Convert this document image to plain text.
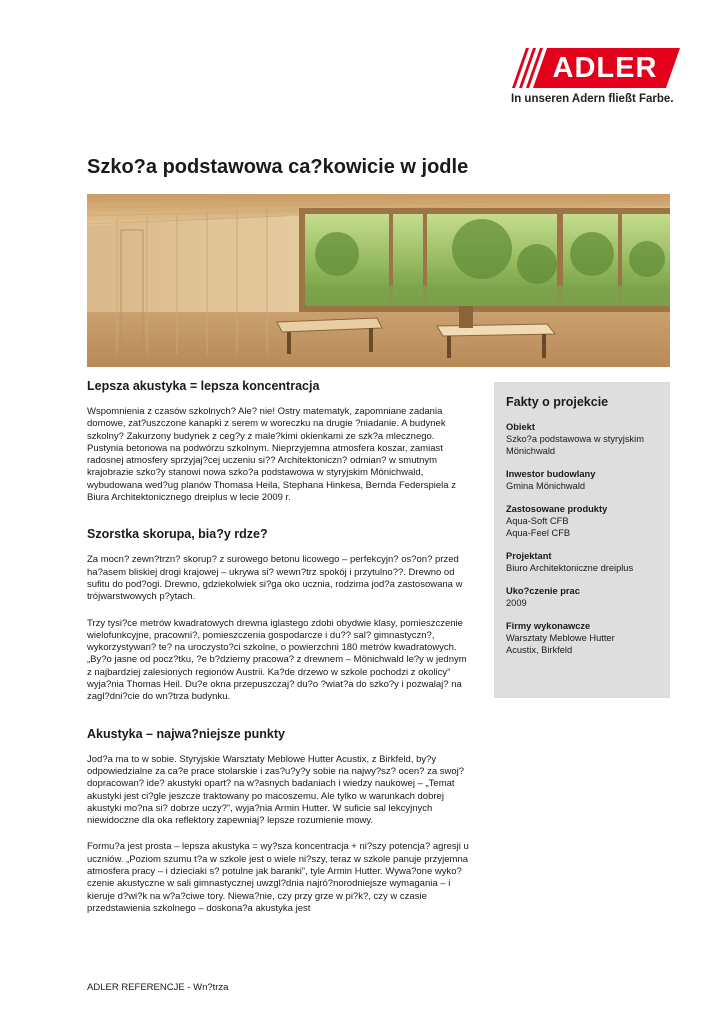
ADLER
In unseren Adern fließt Farbe.
Szko?a podstawowa ca?kowicie w jodle
Lepsza akustyka = lepsza koncentracja

Wspomnienia z czasów szkolnych? Ale? nie! Ostry matematyk, zapomniane zadania domowe, zat?uszczone kanapki z serem w woreczku na drugie ?niadanie. A budynek szkolny? Zakurzony budynek z ceg?y z male?kimi okienkami ze szk?a mlecznego. Pustynia betonowa na podwórzu szkolnym. Nieprzyjemna atmosfera koszar, zamiast radosnej atmosfery sprzyjaj?cej uczeniu si?? Architektoniczn? odmian? w smutnym krajobrazie szko?y stanowi nowa szko?a podstawowa w styryjskim Mönichwald, wybudowana wed?ug planów Thomasa Heila, Stephana Hinkesa, Bernda Federspiela z Biura Architektonicznego dreiplus w lecie 2009 r.

Szorstka skorupa, bia?y rdze?

Za mocn? zewn?trzn? skorup? z surowego betonu licowego – perfekcyjn? os?on? przed ha?asem bliskiej drogi krajowej – ukrywa si? wewn?trz spokój i przytulno??. Drewno od sufitu do pod?ogi. Drewno, gdziekolwiek si?ga oko ucznia, rodzima jod?a zastosowana w trójwarstwowych p?ytach.

Trzy tysi?ce metrów kwadratowych drewna iglastego zdobi obydwie klasy, pomieszczenie wielofunkcyjne, pracowni?, pomieszczenia gospodarcze i du?? sal? gimnastyczn?, wykorzystywan? te? na uroczysto?ci szkolne, o powierzchni 180 metrów kwadratowych. „By?o jasne od pocz?tku, ?e b?dziemy pracowa? z drewnem – Mönichwald le?y w jednym z najbardziej zalesionych regionów Austrii. Ka?de drzewo w szkole pochodzi z okolicy” wyja?nia Thomas Heil. Du?e okna przepuszczaj? du?o ?wiat?a do szko?y i pozwalaj? na zagl?dni?cie do wn?trza budynku.

Akustyka – najwa?niejsze punkty

Jod?a ma to w sobie. Styryjskie Warsztaty Meblowe Hutter Acustix, z Birkfeld, by?y odpowiedzialne za ca?e prace stolarskie i zas?u?y?y sobie na najwy?sz? ocen? za swoj? dopracowan? ide? akustyki opart? na w?asnych badaniach i wiedzy naukowej – „Temat akustyki jest ci?gle jeszcze traktowany po macoszemu. Ale tylko w warunkach dobrej akustyki mo?na si? dobrze uczy?”, wyja?nia Armin Hutter. W suficie sal lekcyjnych niewidoczne dla oka reflektory zapewniaj? lepsze rozumienie mowy.

Formu?a jest prosta – lepsza akustyka = wy?sza koncentracja + ni?szy potencja? agresji u uczniów. „Poziom szumu t?a w szkole jest o wiele ni?szy, teraz w szkole panuje przyjemna atmosfera pracy – i dzieciaki s? potulne jak baranki”, tyle Armin Hutter. Wywa?one wyko?czenie akustyczne w sali gimnastycznej uwzgl?dnia najró?norodniejsze wymagania – i kieruje d?wi?k na w?a?ciwe tory. Niewa?nie, czy przy grze w pi?k?, czy w czasie przedstawienia szkolnego – doskona?a akustyka jest

Fakty o projekcie
Obiekt
Szko?a podstawowa w styryjskim Mönichwald
Inwestor budowlany
Gmina Mönichwald
Zastosowane produkty
Aqua-Soft CFB
Aqua-Feel CFB
Projektant
Biuro Architektoniczne dreiplus
Uko?czenie prac
2009
Firmy wykonawcze
Warsztaty Meblowe Hutter
Acustix, Birkfeld
ADLER REFERENCJE - Wn?trza
